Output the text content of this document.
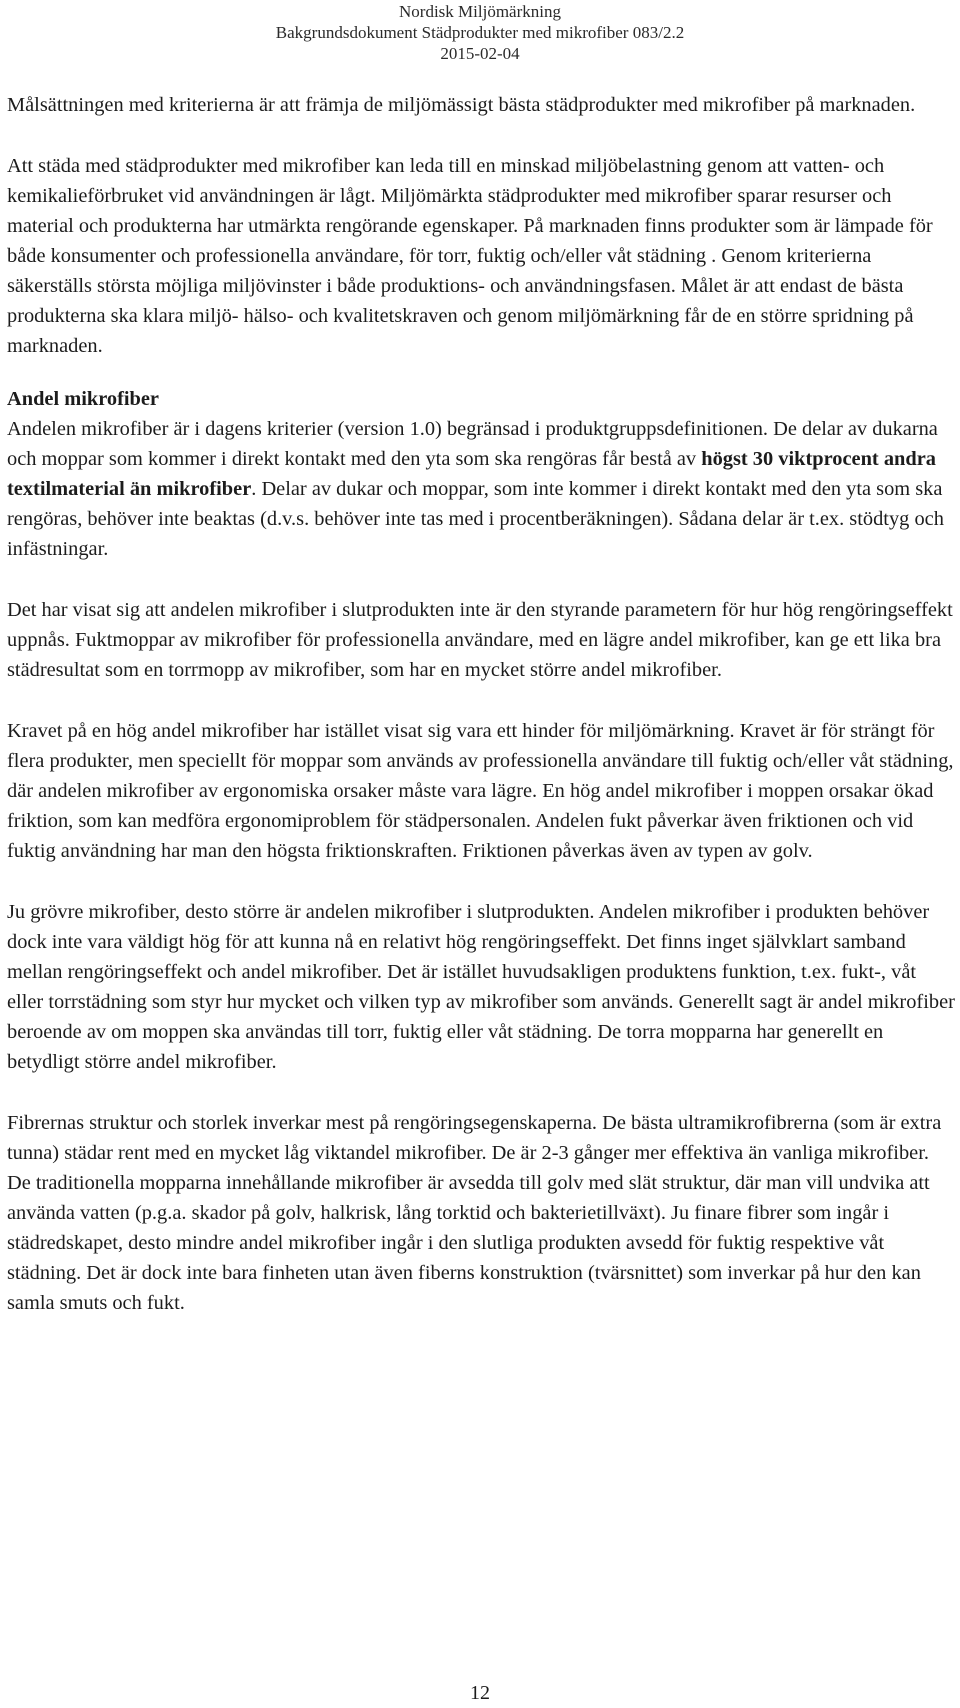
Nordisk Miljömärkning
Bakgrundsdokument Städprodukter med mikrofiber 083/2.2
2015-02-04

Målsättningen med kriterierna är att främja de miljömässigt bästa städprodukter med mikrofiber på marknaden.

Att städa med städprodukter med mikrofiber kan leda till en minskad miljöbelastning genom att vatten- och kemikalieförbruket vid användningen är lågt. Miljömärkta städprodukter med mikrofiber sparar resurser och material och produkterna har utmärkta rengörande egenskaper. På marknaden finns produkter som är lämpade för både konsumenter och professionella användare, för torr, fuktig och/eller våt städning . Genom kriterierna säkerställs största möjliga miljövinster i både produktions- och användningsfasen. Målet är att endast de bästa produkterna ska klara miljö- hälso- och kvalitetskraven och genom miljömärkning får de en större spridning på marknaden.

Andel mikrofiber

Andelen mikrofiber är i dagens kriterier (version 1.0) begränsad i produktgruppsdefinitionen. De delar av dukarna och moppar som kommer i direkt kontakt med den yta som ska rengöras får bestå av högst 30 viktprocent andra textilmaterial än mikrofiber. Delar av dukar och moppar, som inte kommer i direkt kontakt med den yta som ska rengöras, behöver inte beaktas (d.v.s. behöver inte tas med i procentberäkningen). Sådana delar är t.ex. stödtyg och infästningar.

Det har visat sig att andelen mikrofiber i slutprodukten inte är den styrande parametern för hur hög rengöringseffekt uppnås. Fuktmoppar av mikrofiber för professionella användare, med en lägre andel mikrofiber, kan ge ett lika bra städresultat som en torrmopp av mikrofiber, som har en mycket större andel mikrofiber.

Kravet på en hög andel mikrofiber har istället visat sig vara ett hinder för miljömärkning. Kravet är för strängt för flera produkter, men speciellt för moppar som används av professionella användare till fuktig och/eller våt städning, där andelen mikrofiber av ergonomiska orsaker måste vara lägre. En hög andel mikrofiber i moppen orsakar ökad friktion, som kan medföra ergonomiproblem för städpersonalen. Andelen fukt påverkar även friktionen och vid fuktig användning har man den högsta friktionskraften. Friktionen påverkas även av typen av golv.

Ju grövre mikrofiber, desto större är andelen mikrofiber i slutprodukten. Andelen mikrofiber i produkten behöver dock inte vara väldigt hög för att kunna nå en relativt hög rengöringseffekt. Det finns inget självklart samband mellan rengöringseffekt och andel mikrofiber. Det är istället huvudsakligen produktens funktion, t.ex. fukt-, våt eller torrstädning som styr hur mycket och vilken typ av mikrofiber som används. Generellt sagt är andel mikrofiber beroende av om moppen ska användas till torr, fuktig eller våt städning. De torra mopparna har generellt en betydligt större andel mikrofiber.

Fibrernas struktur och storlek inverkar mest på rengöringsegenskaperna. De bästa ultramikrofibrerna (som är extra tunna) städar rent med en mycket låg viktandel mikrofiber. De är 2-3 gånger mer effektiva än vanliga mikrofiber. De traditionella mopparna innehållande mikrofiber är avsedda till golv med slät struktur, där man vill undvika att använda vatten (p.g.a. skador på golv, halkrisk, lång torktid och bakterietillväxt). Ju finare fibrer som ingår i städredskapet, desto mindre andel mikrofiber ingår i den slutliga produkten avsedd för fuktig respektive våt städning. Det är dock inte bara finheten utan även fiberns konstruktion (tvärsnittet) som inverkar på hur den kan samla smuts och fukt.

12
